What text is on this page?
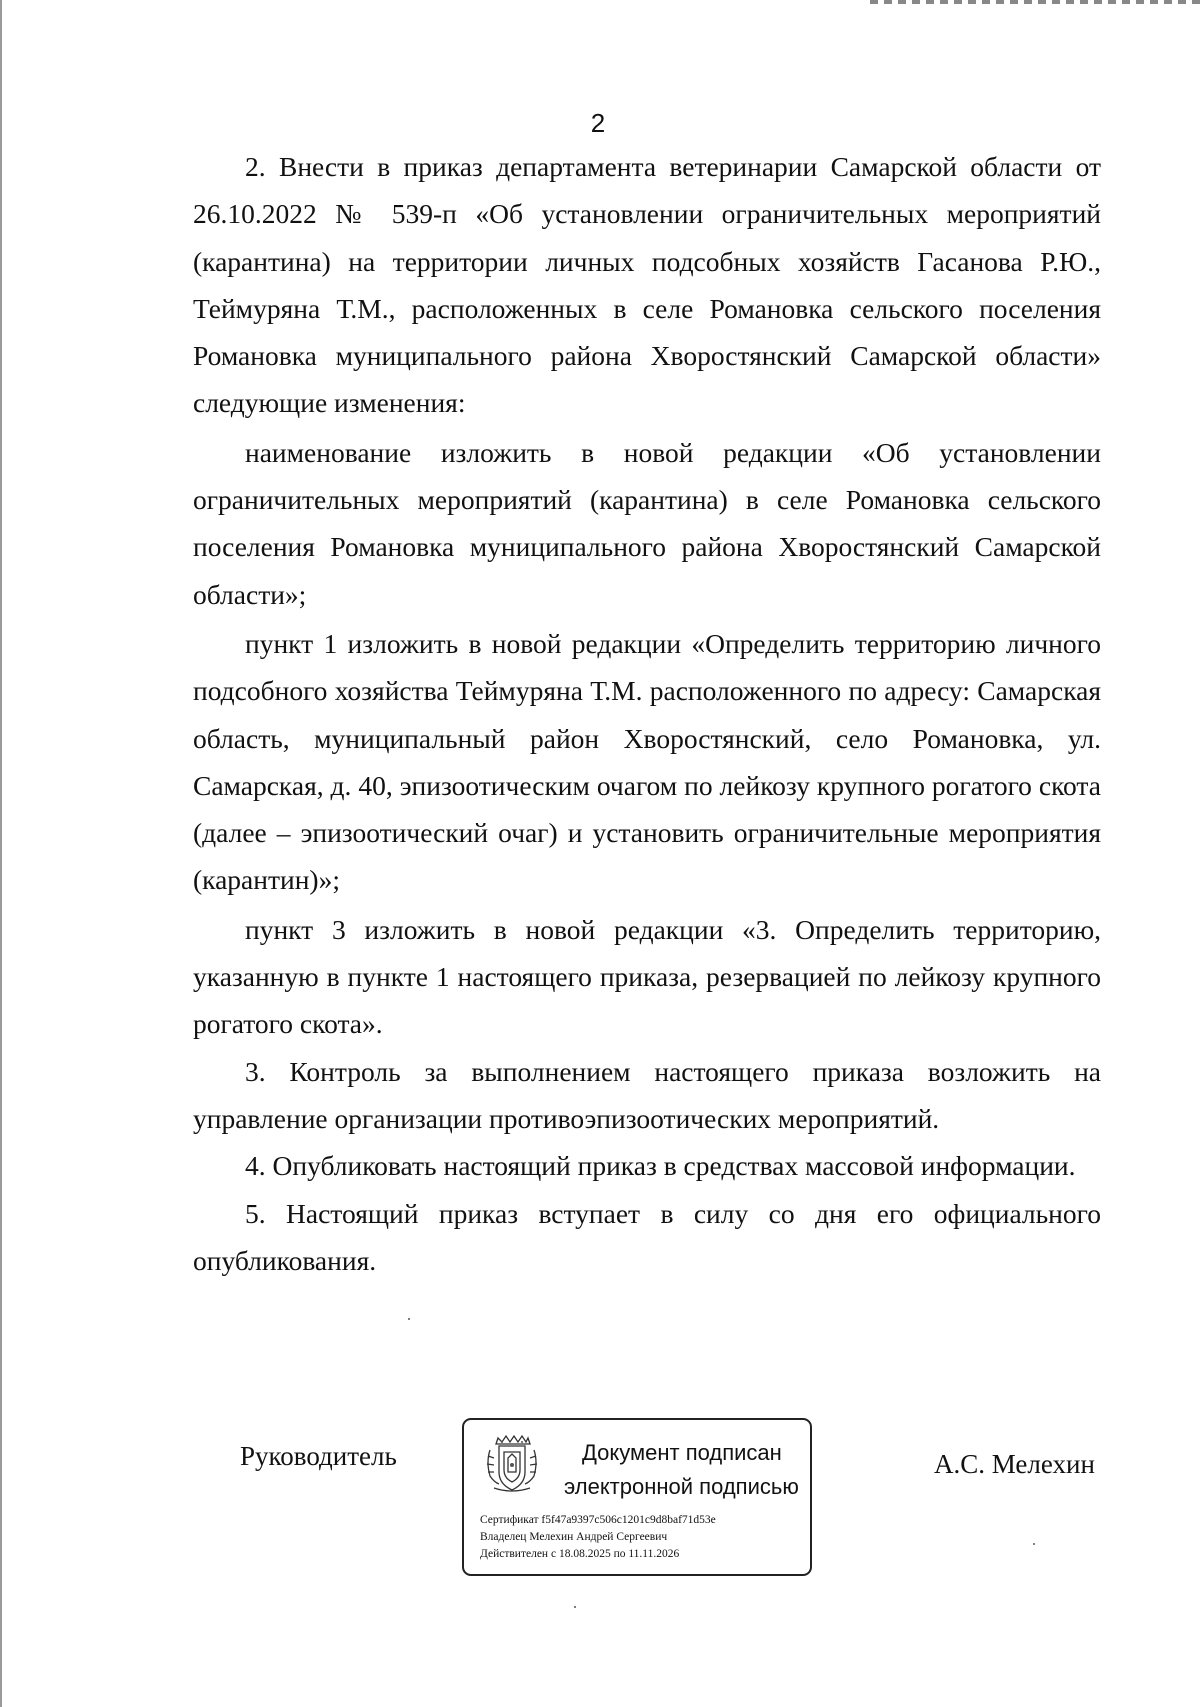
2

2. Внести в приказ департамента ветеринарии Самарской области от 26.10.2022 № 539-п «Об установлении ограничительных мероприятий (карантина) на территории личных подсобных хозяйств Гасанова Р.Ю., Теймуряна Т.М., расположенных в селе Романовка сельского поселения Романовка муниципального района Хворостянский Самарской области» следующие изменения:

наименование изложить в новой редакции «Об установлении ограничительных мероприятий (карантина) в селе Романовка сельского поселения Романовка муниципального района Хворостянский Самарской области»;

пункт 1 изложить в новой редакции «Определить территорию личного подсобного хозяйства Теймуряна Т.М. расположенного по адресу: Самарская область, муниципальный район Хворостянский, село Романовка, ул. Самарская, д. 40, эпизоотическим очагом по лейкозу крупного рогатого скота (далее – эпизоотический очаг) и установить ограничительные мероприятия (карантин)»;

пункт 3 изложить в новой редакции «3. Определить территорию, указанную в пункте 1 настоящего приказа, резервацией по лейкозу крупного рогатого скота».

3. Контроль за выполнением настоящего приказа возложить на управление организации противоэпизоотических мероприятий.

4. Опубликовать настоящий приказ в средствах массовой информации.

5. Настоящий приказ вступает в силу со дня его официального опубликования.

Руководитель	Документ подписан
электронной подписью
Сертификат f5f47a9397c506c1201c9d8baf71d53e
Владелец Мелехин Андрей Сергеевич
Действителен с 18.08.2025 по 11.11.2026
А.С. Мелехин
